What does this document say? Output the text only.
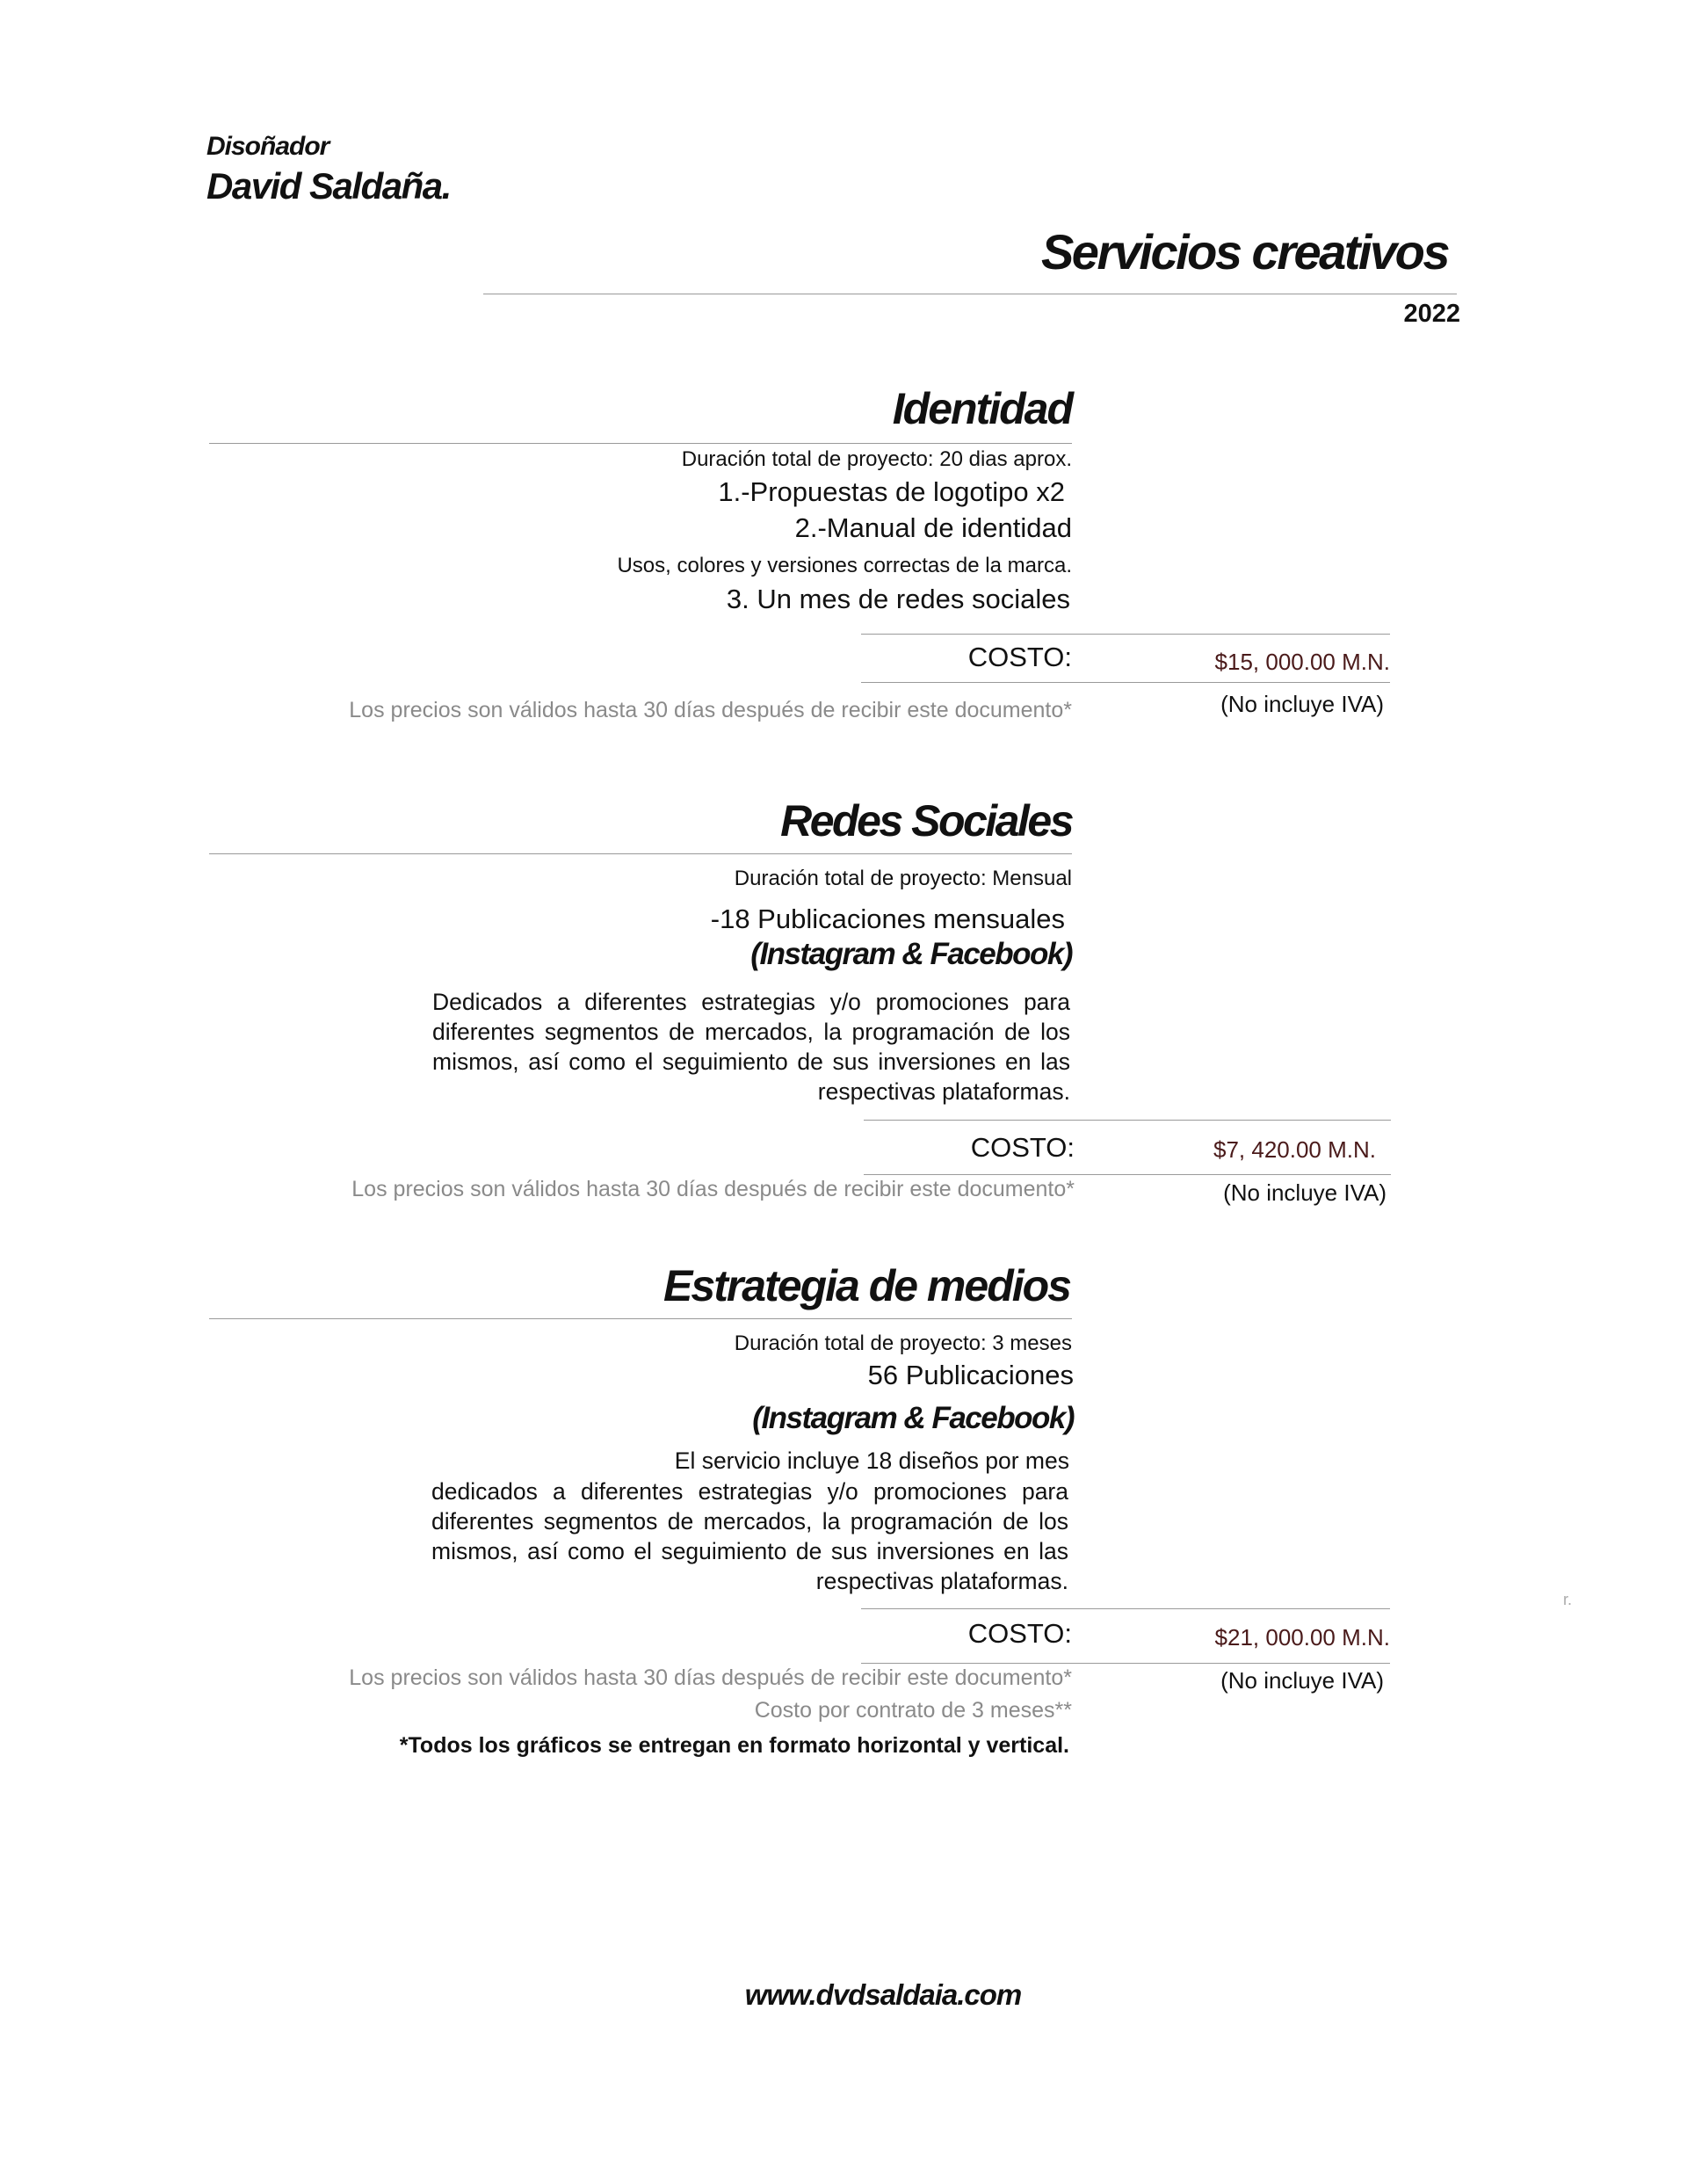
Disoñador
David Saldaña.
Servicios creativos
2022
Identidad
Duración total de proyecto: 20 dias aprox.
1.-Propuestas de logotipo x2
2.-Manual de identidad
Usos, colores y versiones correctas de la marca.
3. Un mes de redes sociales
COSTO:	$15, 000.00 M.N.
Los precios son válidos hasta 30 días después de recibir este documento*	(No incluye IVA)
Redes Sociales
Duración total de proyecto: Mensual
-18 Publicaciones mensuales
(Instagram & Facebook)
Dedicados a diferentes estrategias y/o promociones para diferentes segmentos de mercados, la programación de los mismos, así como el seguimiento de sus inversiones en las respectivas plataformas.
COSTO:	$7, 420.00 M.N.
Los precios son válidos hasta 30 días después de recibir este documento*	(No incluye IVA)
Estrategia de medios
Duración total de proyecto: 3 meses
56 Publicaciones
(Instagram & Facebook)
El servicio incluye 18 diseños por mes
dedicados a diferentes estrategias y/o promociones para diferentes segmentos de mercados, la programación de los mismos, así como el seguimiento de sus inversiones en las respectivas plataformas.
r.
COSTO:	$21, 000.00 M.N.
Los precios son válidos hasta 30 días después de recibir este documento*	(No incluye IVA)
Costo por contrato de 3 meses**
*Todos los gráficos se entregan en formato horizontal y vertical.
www.dvdsaldaia.com
